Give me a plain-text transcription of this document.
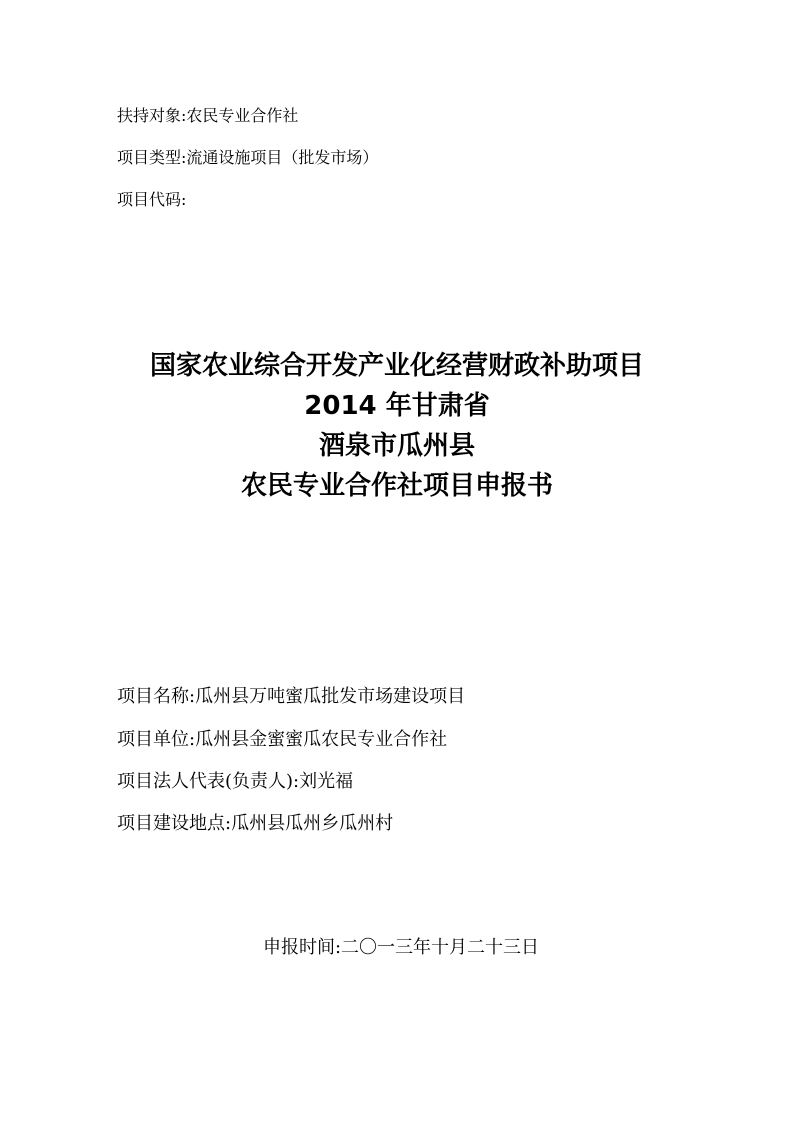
扶持对象:农民专业合作社
项目类型:流通设施项目（批发市场）
项目代码:
国家农业综合开发产业化经营财政补助项目
2014 年甘肃省
酒泉市瓜州县
农民专业合作社项目申报书
项目名称:瓜州县万吨蜜瓜批发市场建设项目
项目单位:瓜州县金蜜蜜瓜农民专业合作社
项目法人代表(负责人):刘光福
项目建设地点:瓜州县瓜州乡瓜州村
申报时间:二〇一三年十月二十三日
